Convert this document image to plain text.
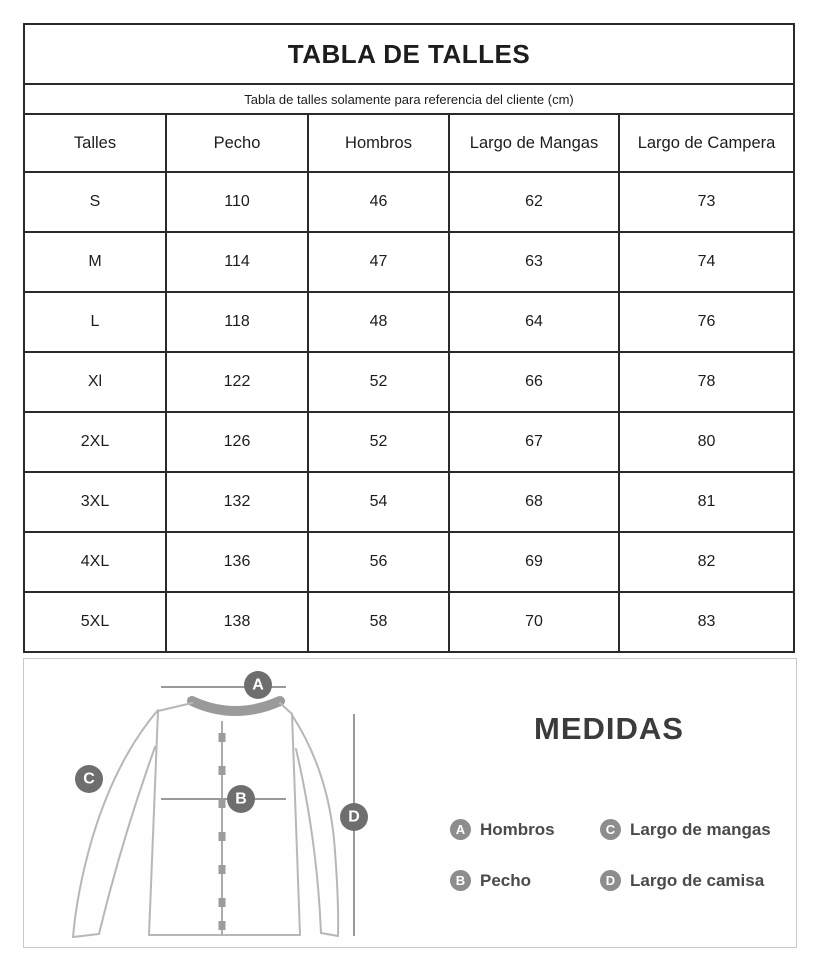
TABLA DE TALLES				
Tabla de talles solamente para referencia del cliente (cm)				
Talles	Pecho	Hombros	Largo de Mangas	Largo de Campera
S	110	46	62	73
M	114	47	63	74
L	118	48	64	76
Xl	122	52	66	78
2XL	126	52	67	80
3XL	132	54	68	81
4XL	136	56	69	82
5XL	138	58	70	83
A
B
C
D
MEDIDAS
A Hombros	C Largo de mangas
B Pecho	D Largo de camisa
